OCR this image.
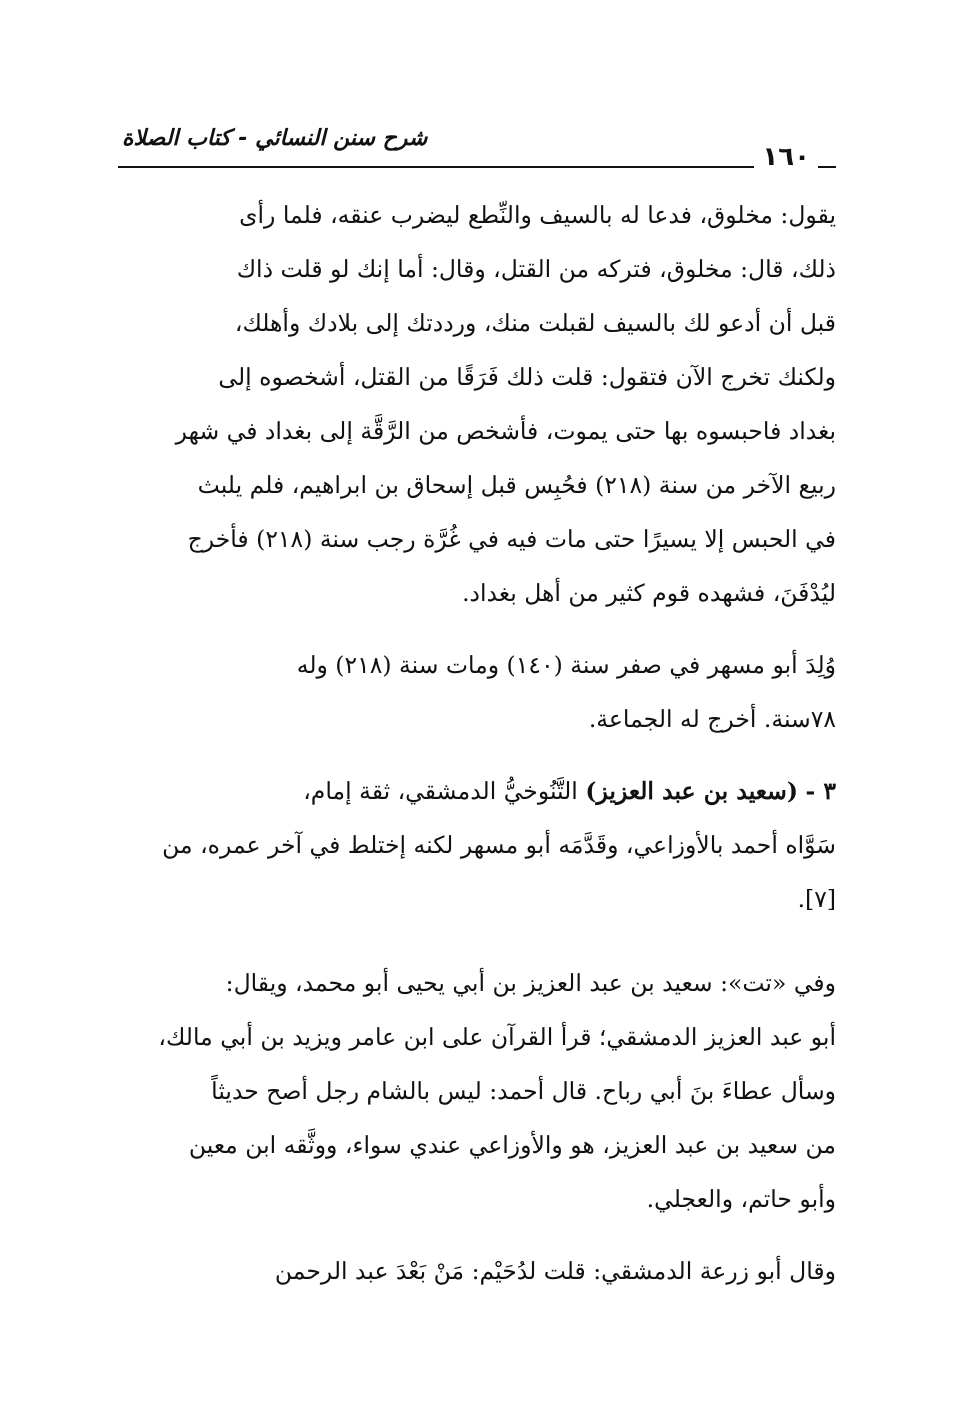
شرح سنن النسائي - كتاب الصلاة
١٦٠

يقول: مخلوق، فدعا له بالسيف والنِّطع ليضرب عنقه، فلما رأى
ذلك، قال: مخلوق، فتركه من القتل، وقال: أما إنك لو قلت ذاك
قبل أن أدعو لك بالسيف لقبلت منك، ورددتك إلى بلادك وأهلك،
ولكنك تخرج الآن فتقول: قلت ذلك فَرَقًا من القتل، أشخصوه إلى
بغداد فاحبسوه بها حتى يموت، فأشخص من الرَّقَّة إلى بغداد في شهر
ربيع الآخر من سنة (٢١٨) فحُبِس قبل إسحاق بن ابراهيم، فلم يلبث
في الحبس إلا يسيرًا حتى مات فيه في غُرَّة رجب سنة (٢١٨) فأخرج
ليُدْفَنَ، فشهده قوم كثير من أهل بغداد.

وُلِدَ أبو مسهر في صفر سنة (١٤٠) ومات سنة (٢١٨) وله
٧٨سنة. أخرج له الجماعة.

٣ - (سعيد بن عبد العزيز) التَّنُوخيُّ الدمشقي، ثقة إمام،
سَوَّاه أحمد بالأوزاعي، وقَدَّمَه أبو مسهر لكنه إختلط في آخر عمره، من
[٧].

وفي «تت»: سعيد بن عبد العزيز بن أبي يحيى أبو محمد، ويقال:
أبو عبد العزيز الدمشقي؛ قرأ القرآن على ابن عامر ويزيد بن أبي مالك،
وسأل عطاءَ بنَ أبي رباح. قال أحمد: ليس بالشام رجل أصح حديثاً
من سعيد بن عبد العزيز، هو والأوزاعي عندي سواء، ووثَّقه ابن معين
وأبو حاتم، والعجلي.

وقال أبو زرعة الدمشقي: قلت لدُحَيْم: مَنْ بَعْدَ عبد الرحمن
